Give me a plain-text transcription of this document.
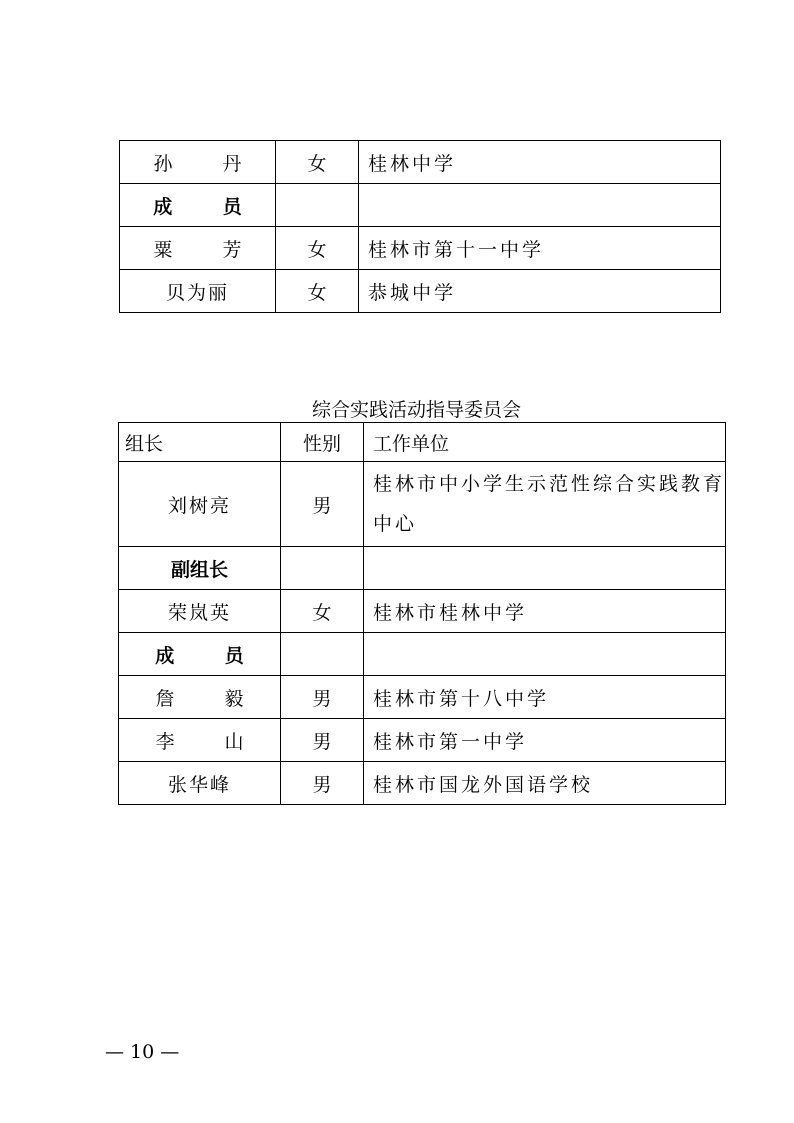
孙 丹	女	桂林中学
成 员		
粟 芳	女	桂林市第十一中学
贝为丽	女	恭城中学
综合实践活动指导委员会
组长	性别	工作单位
刘树亮	男	桂林市中小学生示范性综合实践教育中心
副组长		
荣岚英	女	桂林市桂林中学
成 员		
詹 毅	男	桂林市第十八中学
李 山	男	桂林市第一中学
张华峰	男	桂林市国龙外国语学校
— 10 —
